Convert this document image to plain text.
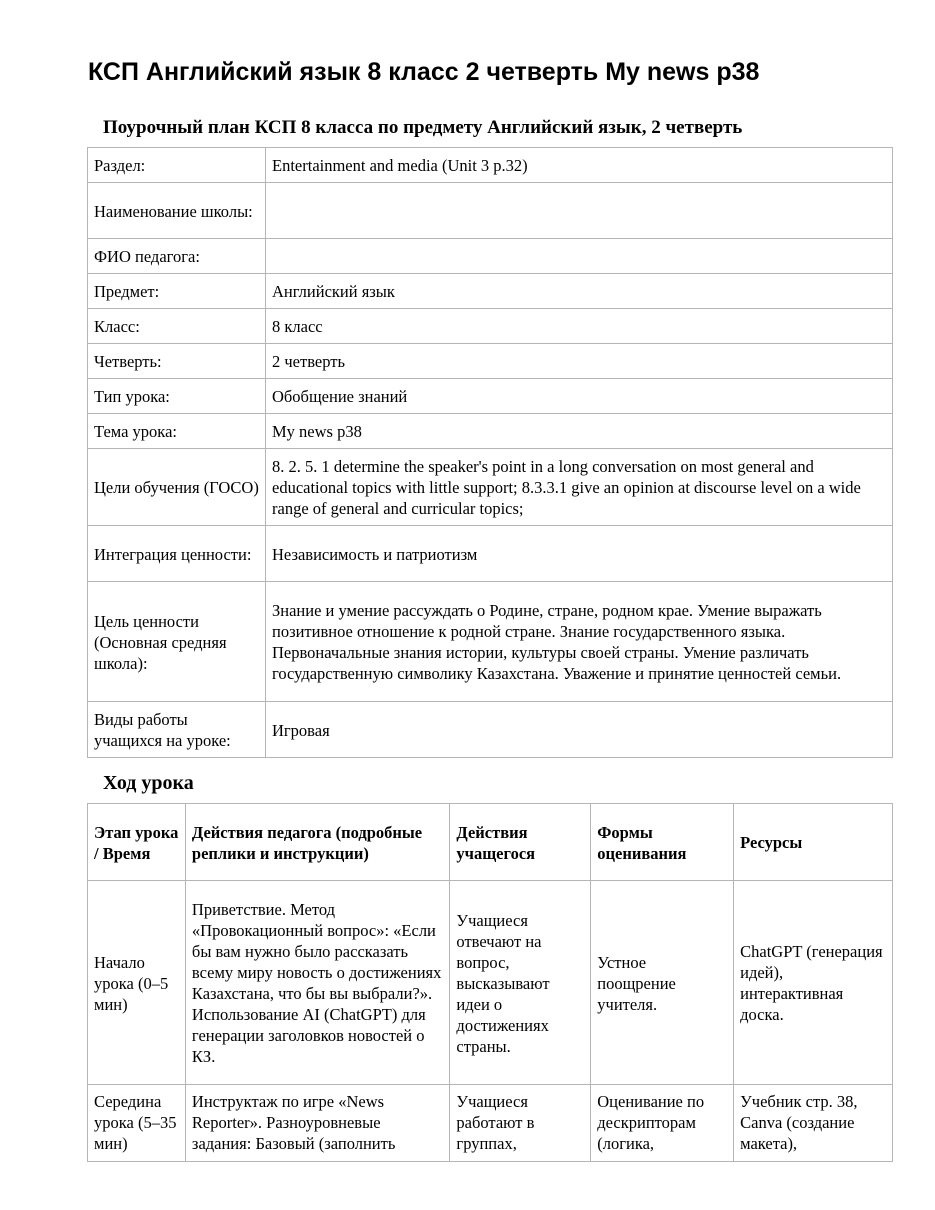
КСП Английский язык 8 класс 2 четверть My news p38
Поурочный план КСП 8 класса по предмету Английский язык, 2 четверть
Раздел:	Entertainment and media (Unit 3 p.32)
Наименование школы:	
ФИО педагога:	
Предмет:	Английский язык
Класс:	8 класс
Четверть:	2 четверть
Тип урока:	Обобщение знаний
Тема урока:	My news p38
Цели обучения (ГОСО)	8. 2. 5. 1 determine the speaker's point in a long conversation on most general and educational topics with little support; 8.3.3.1 give an opinion at discourse level on a wide range of general and curricular topics;
Интеграция ценности:	Независимость и патриотизм
Цель ценности (Основная средняя школа):	Знание и умение рассуждать о Родине, стране, родном крае. Умение выражать позитивное отношение к родной стране. Знание государственного языка. Первоначальные знания истории, культуры своей страны. Умение различать государственную символику Казахстана. Уважение и принятие ценностей семьи.
Виды работы учащихся на уроке:	Игровая
Ход урока
Этап урока / Время	Действия педагога (подробные реплики и инструкции)	Действия учащегося	Формы оценивания	Ресурсы
Начало урока (0–5 мин)	Приветствие. Метод «Провокационный вопрос»: «Если бы вам нужно было рассказать всему миру новость о достижениях Казахстана, что бы вы выбрали?». Использование AI (ChatGPT) для генерации заголовков новостей о КЗ.	Учащиеся отвечают на вопрос, высказывают идеи о достижениях страны.	Устное поощрение учителя.	ChatGPT (генерация идей), интерактивная доска.
Середина урока (5–35 мин)	Инструктаж по игре «News Reporter». Разноуровневые задания: Базовый (заполнить	Учащиеся работают в группах,	Оценивание по дескрипторам (логика,	Учебник стр. 38, Canva (создание макета),
